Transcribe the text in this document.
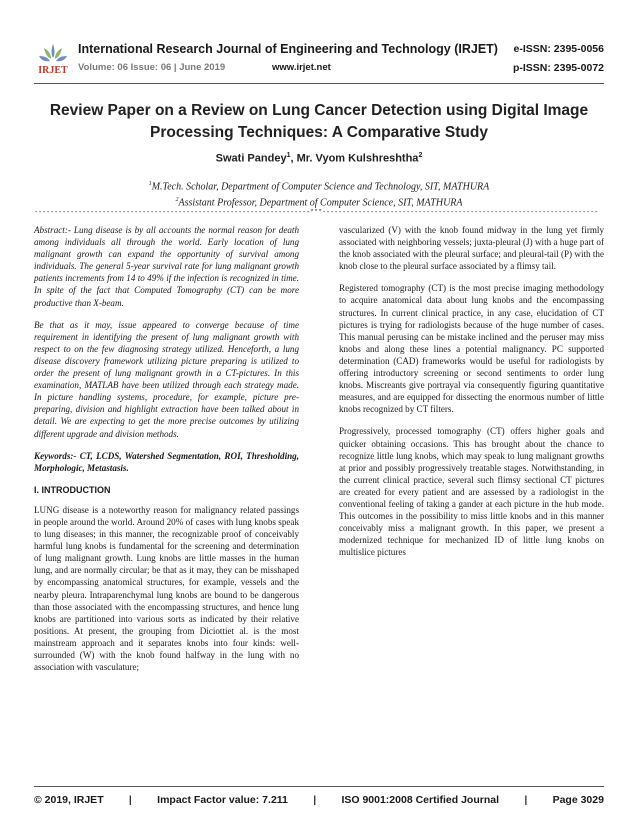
IRJET
International Research Journal of Engineering and Technology (IRJET) e-ISSN: 2395-0056
Volume: 06 Issue: 06 | June 2019	www.irjet.net	p-ISSN: 2395-0072
Review Paper on a Review on Lung Cancer Detection using Digital Image
Processing Techniques: A Comparative Study
Swati Pandey$^1$, Mr. Vyom Kulshreshtha$^2$
$^1$M.Tech. Scholar, Department of Computer Science and Technology, SIT, MATHURA
$^2$Assistant Professor, Department of Computer Science, SIT, MATHURA
---------------------------------------------------------------------***---------------------------------------------------------------------

Abstract:- Lung disease is by all accounts the normal reason for death among individuals all through the world. Early location of lung malignant growth can expand the opportunity of survival among individuals. The general 5-year survival rate for lung malignant growth patients increments from 14 to 49% if the infection is recognized in time. In spite of the fact that Computed Tomography (CT) can be more productive than X-beam.

Be that as it may, issue appeared to converge because of time requirement in identifying the present of lung malignant growth with respect to on the few diagnosing strategy utilized. Henceforth, a lung disease discovery framework utilizing picture preparing is utilized to order the present of lung malignant growth in a CT-pictures. In this examination, MATLAB have been utilized through each strategy made. In picture handling systems, procedure, for example, picture pre-preparing, division and highlight extraction have been talked about in detail. We are expecting to get the more precise outcomes by utilizing different upgrade and division methods.

Keywords:- CT, LCDS, Watershed Segmentation, ROI, Thresholding, Morphologic, Metastasis.

I. INTRODUCTION

LUNG disease is a noteworthy reason for malignancy related passings in people around the world. Around 20% of cases with lung knobs speak to lung diseases; in this manner, the recognizable proof of conceivably harmful lung knobs is fundamental for the screening and determination of lung malignant growth. Lung knobs are little masses in the human lung, and are normally circular; be that as it may, they can be misshaped by encompassing anatomical structures, for example, vessels and the nearby pleura. Intraparenchymal lung knobs are bound to be dangerous than those associated with the encompassing structures, and hence lung knobs are partitioned into various sorts as indicated by their relative positions. At present, the grouping from Diciottiet al. is the most mainstream approach and it separates knobs into four kinds: well-surrounded (W) with the knob found halfway in the lung with no association with vasculature;

vascularized (V) with the knob found midway in the lung yet firmly associated with neighboring vessels; juxta-pleural (J) with a huge part of the knob associated with the pleural surface; and pleural-tail (P) with the knob close to the pleural surface associated by a flimsy tail.

Registered tomography (CT) is the most precise imaging methodology to acquire anatomical data about lung knobs and the encompassing structures. In current clinical practice, in any case, elucidation of CT pictures is trying for radiologists because of the huge number of cases. This manual perusing can be mistake inclined and the peruser may miss knobs and along these lines a potential malignancy. PC supported determination (CAD) frameworks would be useful for radiologists by offering introductory screening or second sentiments to order lung knobs. Miscreants give portrayal via consequently figuring quantitative measures, and are equipped for dissecting the enormous number of little knobs recognized by CT filters.

Progressively, processed tomography (CT) offers higher goals and quicker obtaining occasions. This has brought about the chance to recognize little lung knobs, which may speak to lung malignant growths at prior and possibly progressively treatable stages. Notwithstanding, in the current clinical practice, several such flimsy sectional CT pictures are created for every patient and are assessed by a radiologist in the conventional feeling of taking a gander at each picture in the hub mode. This outcomes in the possibility to miss little knobs and in this manner conceivably miss a malignant growth. In this paper, we present a modernized technique for mechanized ID of little lung knobs on multislice pictures

© 2019, IRJET | Impact Factor value: 7.211 | ISO 9001:2008 Certified Journal | Page 3029
